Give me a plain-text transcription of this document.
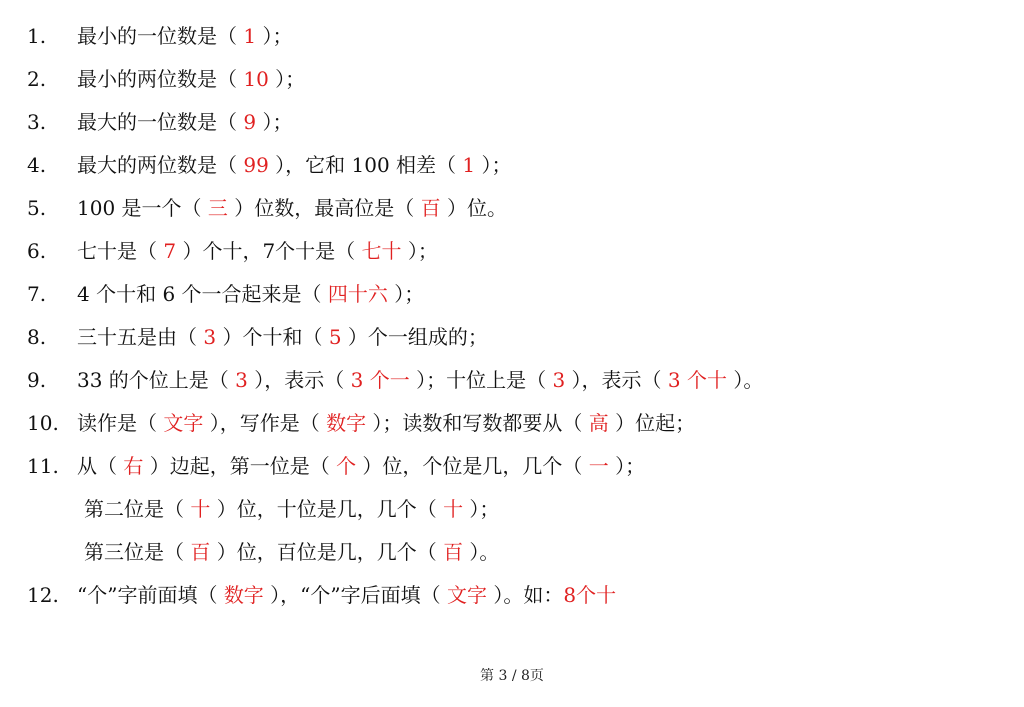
1. 最小的一位数是（ 1 ）；
2. 最小的两位数是（ 10 ）；
3. 最大的一位数是（ 9 ）；
4. 最大的两位数是（ 99 ），它和 100 相差（ 1 ）；
5. 100 是一个（ 三 ）位数，最高位是（ 百 ）位。
6. 七十是（ 7 ）个十，7个十是（ 七十 ）；
7. 4 个十和 6 个一合起来是（ 四十六 ）；
8. 三十五是由（ 3 ）个十和（ 5 ）个一组成的；
9. 33 的个位上是（ 3 ），表示（ 3 个一 ）；十位上是（ 3 ），表示（ 3 个十 ）。
10. 读作是（ 文字 ），写作是（ 数字 ）；读数和写数都要从（ 高 ）位起；
11. 从（ 右 ）边起，第一位是（ 个 ）位，个位是几，几个（ 一 ）；
第二位是（ 十 ）位，十位是几，几个（ 十 ）；
第三位是（ 百 ）位，百位是几，几个（ 百 ）。
12. “个”字前面填（ 数字 ），“个”字后面填（ 文字 ）。如：8个十
第 3 / 8页
